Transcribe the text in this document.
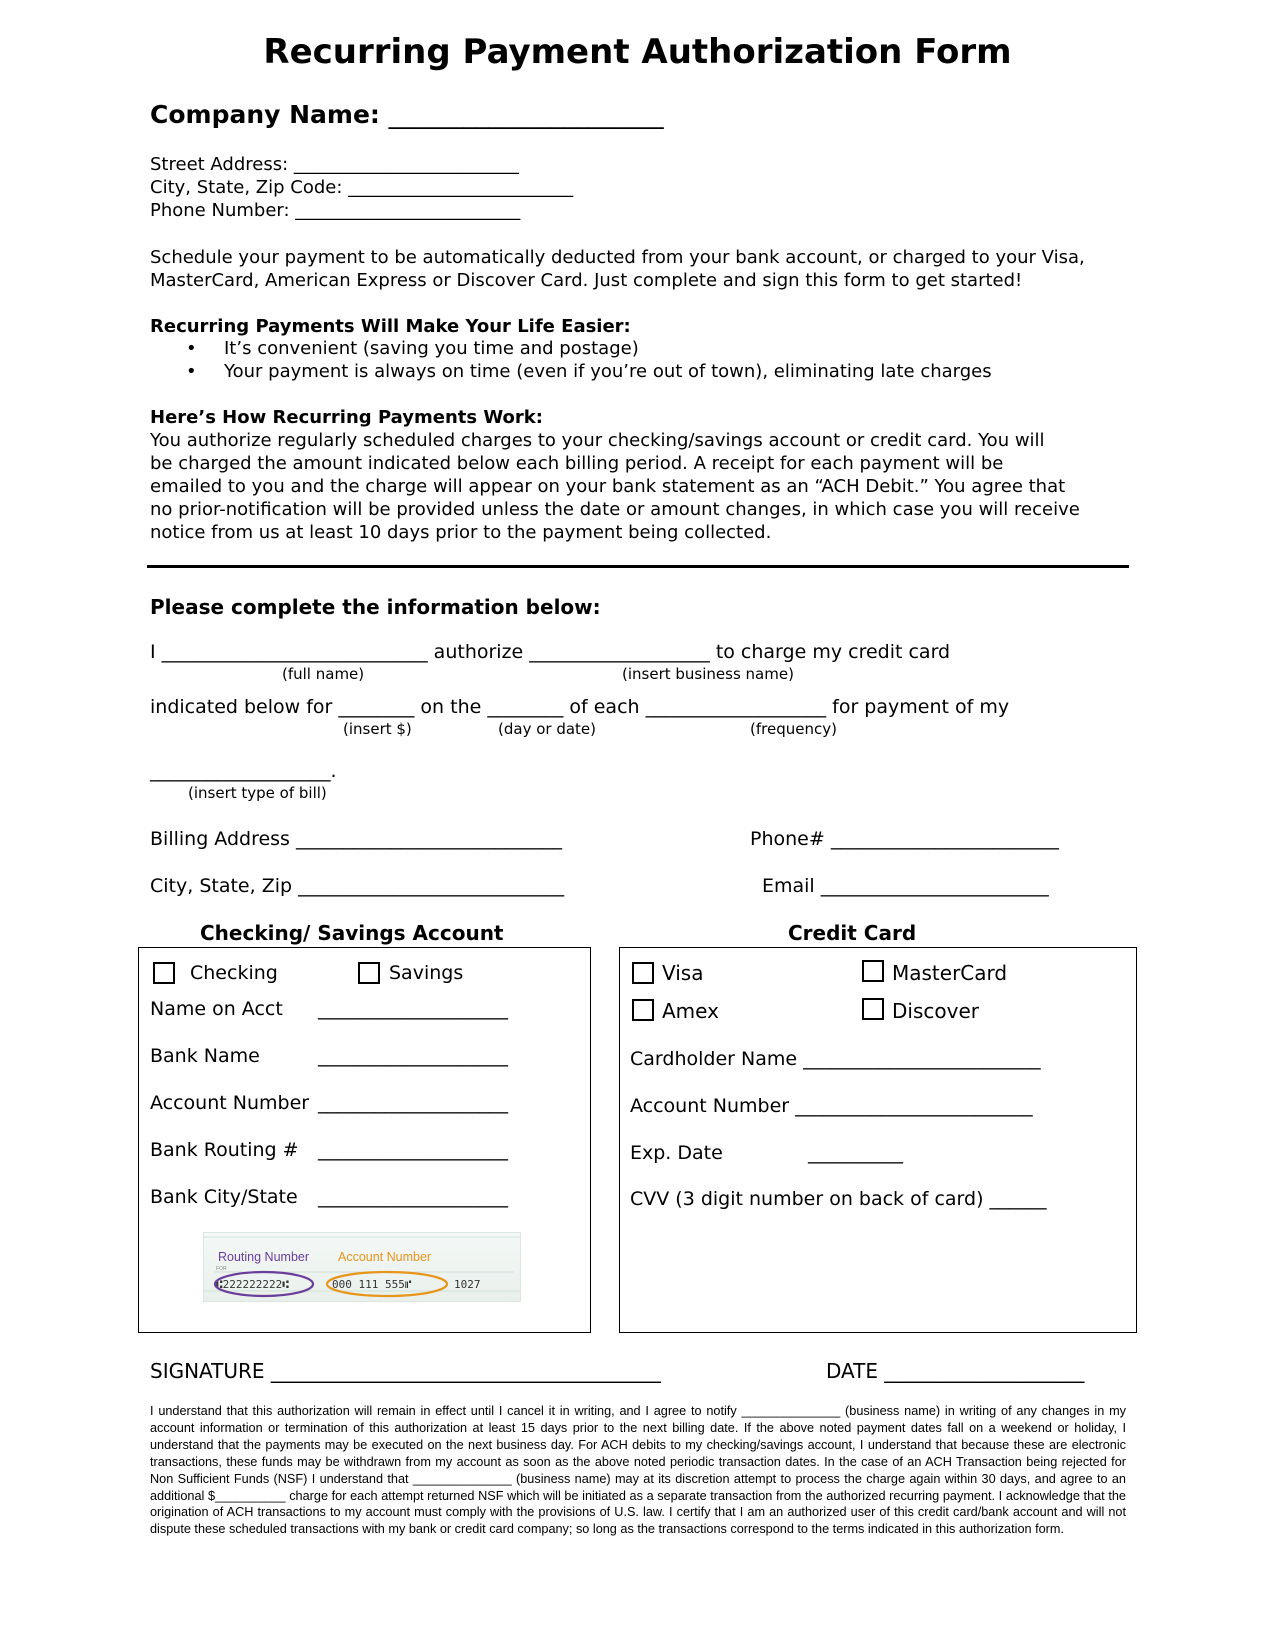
Recurring Payment Authorization Form
Company Name: ______________________
Street Address: _________________________
City, State, Zip Code: _________________________
Phone Number: _________________________
Schedule your payment to be automatically deducted from your bank account, or charged to your Visa,
MasterCard, American Express or Discover Card. Just complete and sign this form to get started!
Recurring Payments Will Make Your Life Easier:
• It’s convenient (saving you time and postage)
• Your payment is always on time (even if you’re out of town), eliminating late charges
Here’s How Recurring Payments Work:
You authorize regularly scheduled charges to your checking/savings account or credit card. You will
be charged the amount indicated below each billing period. A receipt for each payment will be
emailed to you and the charge will appear on your bank statement as an “ACH Debit.” You agree that
no prior-notification will be provided unless the date or amount changes, in which case you will receive
notice from us at least 10 days prior to the payment being collected.
Please complete the information below:
I ____________________________ authorize ___________________ to charge my credit card
(full name)	(insert business name)
indicated below for ________ on the ________ of each ___________________ for payment of my
(insert $)	(day or date)	(frequency)
___________________.
(insert type of bill)
Billing Address ____________________________	Phone# ________________________
City, State, Zip ____________________________	Email ________________________
Checking/ Savings Account	Credit Card
Checking	Savings
Name on Acct ____________________
Bank Name	____________________
Account Number ____________________
Bank Routing # ____________________
Bank City/State ____________________
Routing Number Account Number
FOR
⑆222222222⑆	000 111 555⑈	1027
Visa	MasterCard
Amex	Discover
Cardholder Name _________________________
Account Number _________________________
Exp. Date	__________
CVV (3 digit number on back of card) ______
SIGNATURE _______________________________________	DATE ____________________
I understand that this authorization will remain in effect until I cancel it in writing, and I agree to notify ______________ (business name) in writing of any changes in my account information or termination of this authorization at least 15 days prior to the next billing date. If the above noted payment dates fall on a weekend or holiday, I understand that the payments may be executed on the next business day. For ACH debits to my checking/savings account, I understand that because these are electronic transactions, these funds may be withdrawn from my account as soon as the above noted periodic transaction dates. In the case of an ACH Transaction being rejected for Non Sufficient Funds (NSF) I understand that ______________ (business name) may at its discretion attempt to process the charge again within 30 days, and agree to an additional $__________ charge for each attempt returned NSF which will be initiated as a separate transaction from the authorized recurring payment. I acknowledge that the origination of ACH transactions to my account must comply with the provisions of U.S. law. I certify that I am an authorized user of this credit card/bank account and will not dispute these scheduled transactions with my bank or credit card company; so long as the transactions correspond to the terms indicated in this authorization form.
